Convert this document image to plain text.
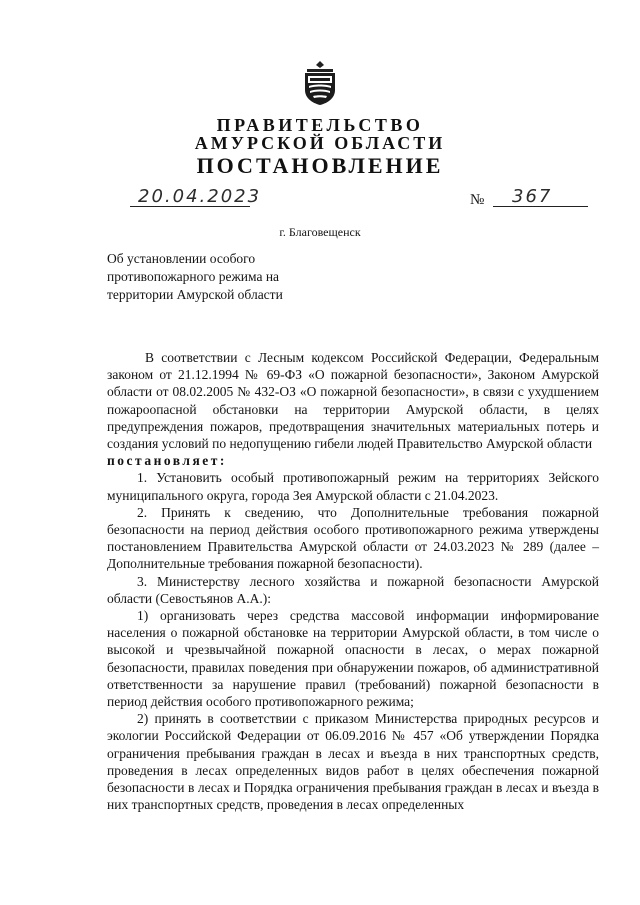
ПРАВИТЕЛЬСТВО
АМУРСКОЙ ОБЛАСТИ
ПОСТАНОВЛЕНИЕ
20.04.2023	№ 367
г. Благовещенск
Об установлении особого
противопожарного режима на
территории Амурской области

В соответствии с Лесным кодексом Российской Федерации, Федеральным законом от 21.12.1994 № 69-ФЗ «О пожарной безопасности», Законом Амурской области от 08.02.2005 № 432-ОЗ «О пожарной безопасности», в связи с ухудшением пожароопасной обстановки на территории Амурской области, в целях предупреждения пожаров, предотвращения значительных материальных потерь и создания условий по недопущению гибели людей Правительство Амурской области

постановляет:

1. Установить особый противопожарный режим на территориях Зейского муниципального округа, города Зея Амурской области с 21.04.2023.

2. Принять к сведению, что Дополнительные требования пожарной безопасности на период действия особого противопожарного режима утверждены постановлением Правительства Амурской области от 24.03.2023 № 289 (далее – Дополнительные требования пожарной безопасности).

3. Министерству лесного хозяйства и пожарной безопасности Амурской области (Севостьянов А.А.):

1) организовать через средства массовой информации информирование населения о пожарной обстановке на территории Амурской области, в том числе о высокой и чрезвычайной пожарной опасности в лесах, о мерах пожарной безопасности, правилах поведения при обнаружении пожаров, об административной ответственности за нарушение правил (требований) пожарной безопасности в период действия особого противопожарного режима;

2) принять в соответствии с приказом Министерства природных ресурсов и экологии Российской Федерации от 06.09.2016 № 457 «Об утверждении Порядка ограничения пребывания граждан в лесах и въезда в них транспортных средств, проведения в лесах определенных видов работ в целях обеспечения пожарной безопасности в лесах и Порядка ограничения пребывания граждан в лесах и въезда в них транспортных средств, проведения в лесах определенных
